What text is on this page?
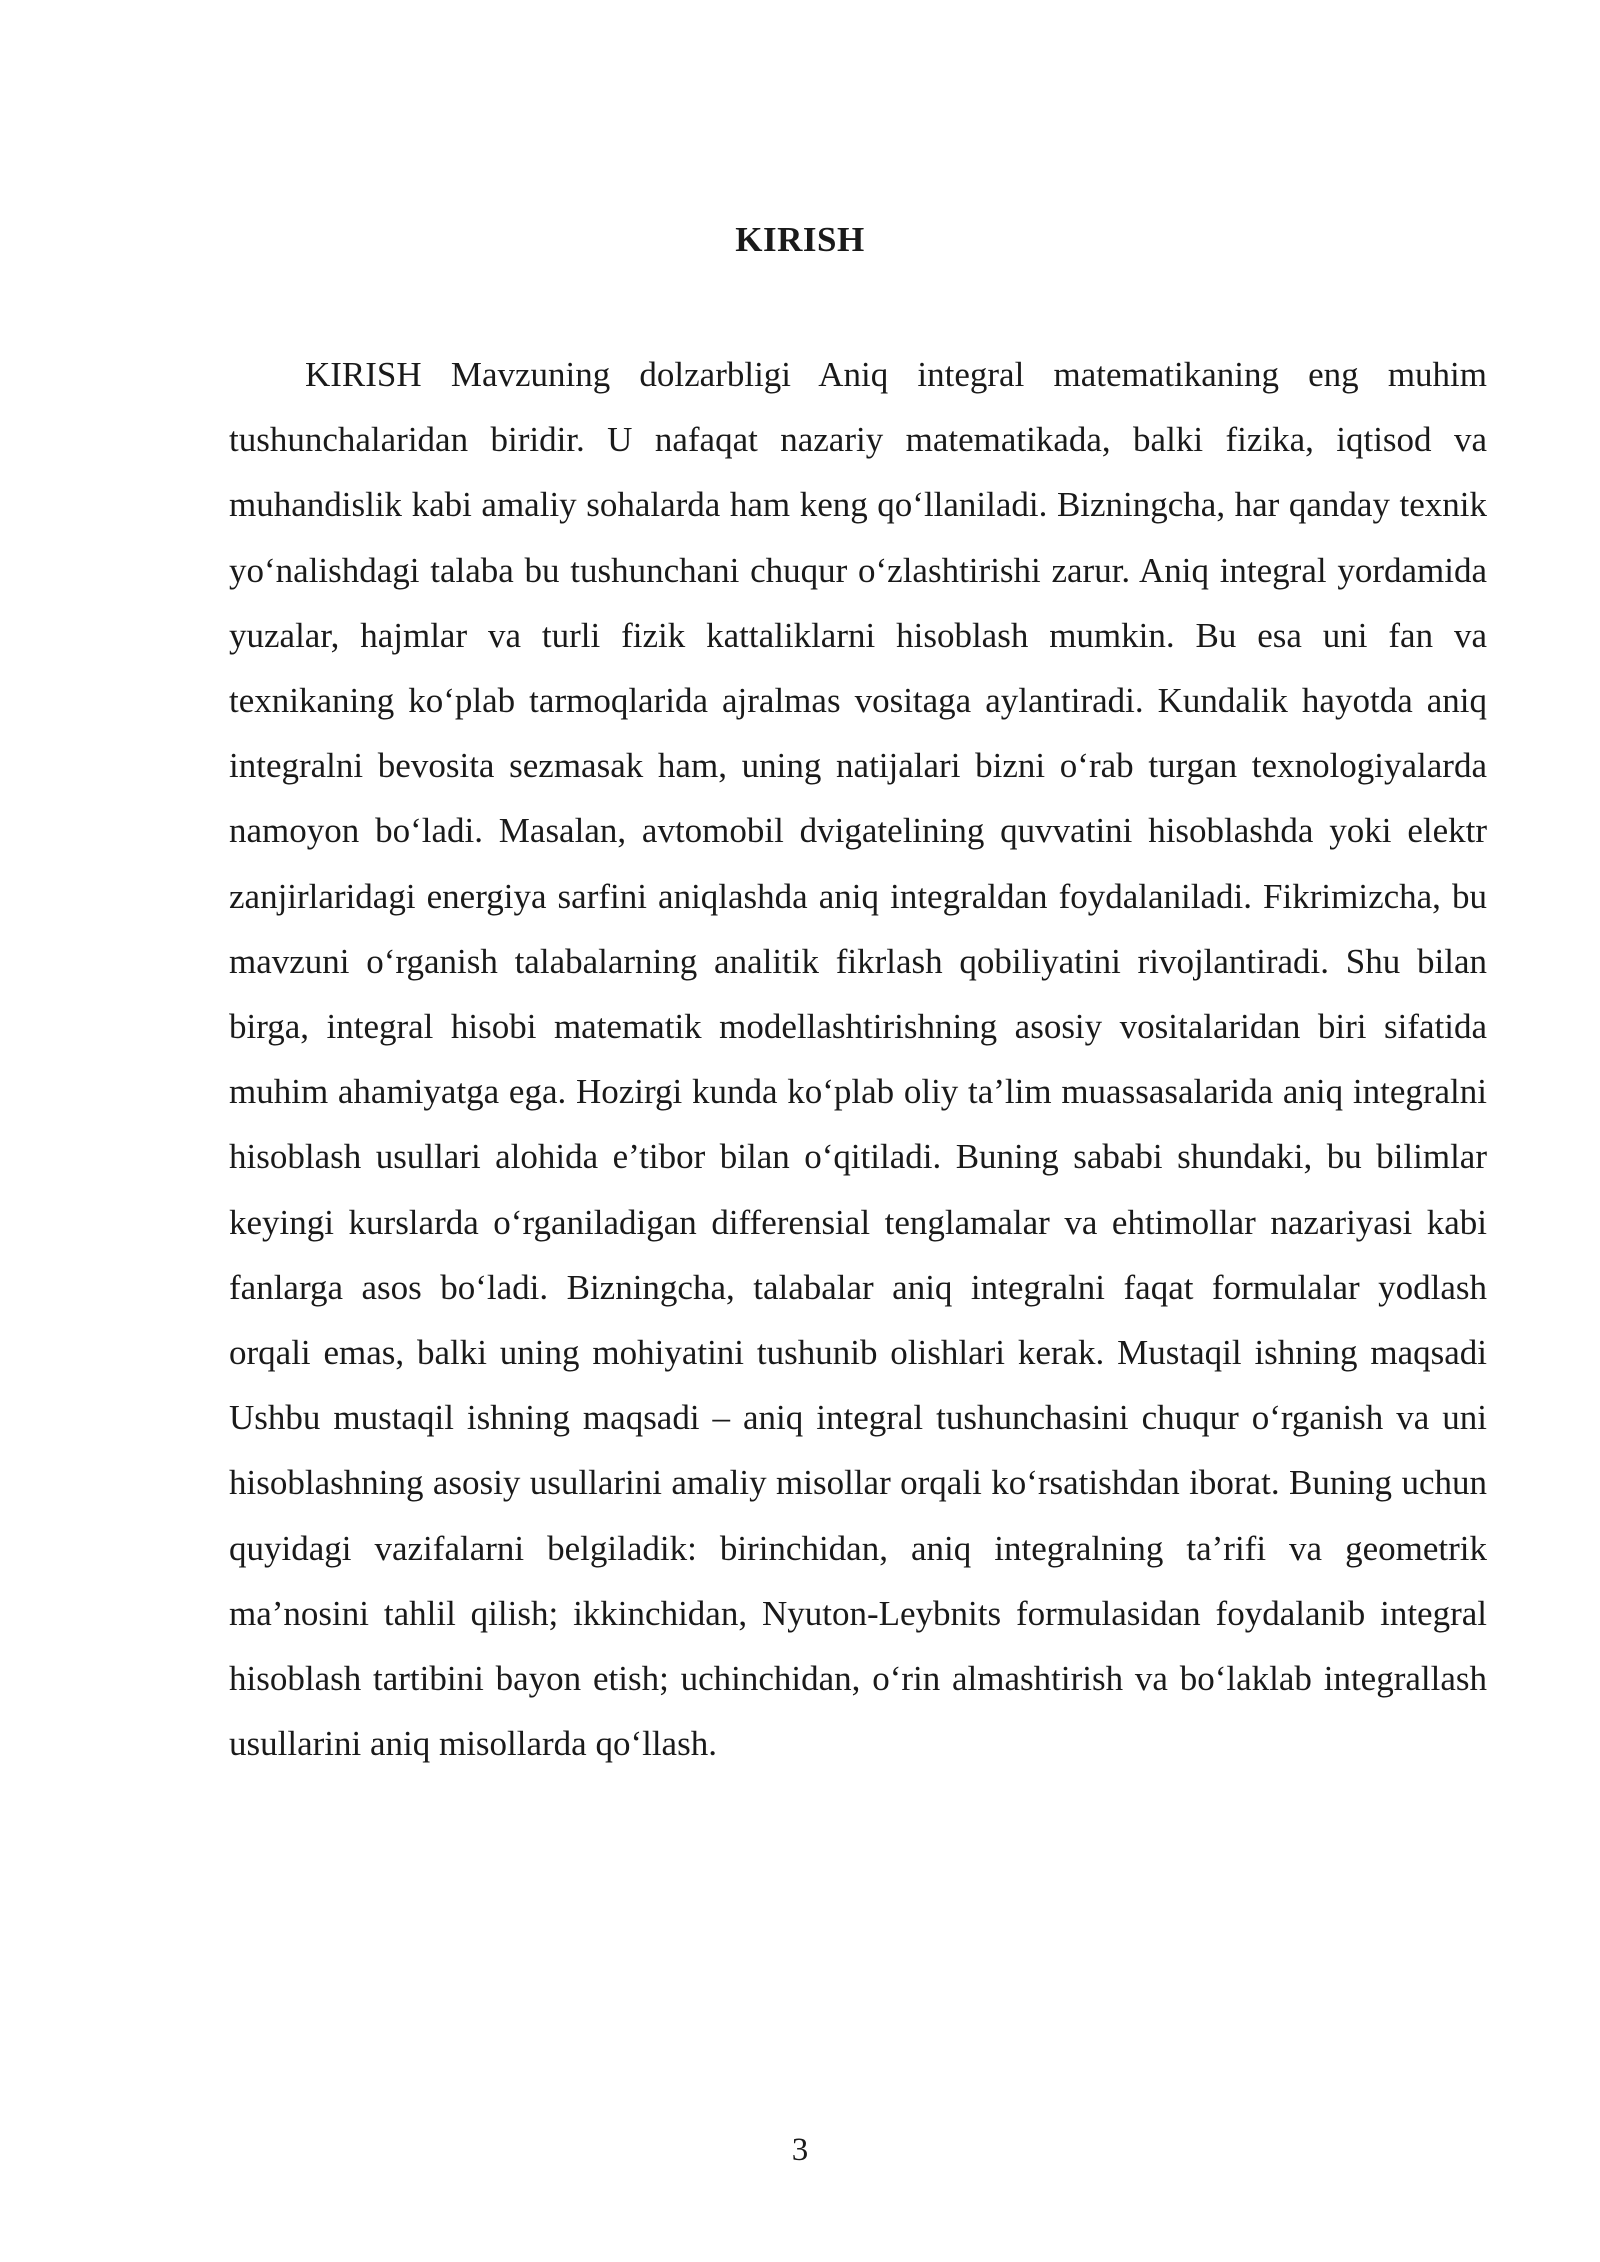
KIRISH

KIRISH Mavzuning dolzarbligi Aniq integral matematikaning eng muhim tushunchalaridan biridir. U nafaqat nazariy matematikada, balki fizika, iqtisod va muhandislik kabi amaliy sohalarda ham keng qo‘llaniladi. Bizningcha, har qanday texnik yo‘nalishdagi talaba bu tushunchani chuqur o‘zlashtirishi zarur. Aniq integral yordamida yuzalar, hajmlar va turli fizik kattaliklarni hisoblash mumkin. Bu esa uni fan va texnikaning ko‘plab tarmoqlarida ajralmas vositaga aylantiradi. Kundalik hayotda aniq integralni bevosita sezmasak ham, uning natijalari bizni o‘rab turgan texnologiyalarda namoyon bo‘ladi. Masalan, avtomobil dvigatelining quvvatini hisoblashda yoki elektr zanjirlaridagi energiya sarfini aniqlashda aniq integraldan foydalaniladi. Fikrimizcha, bu mavzuni o‘rganish talabalarning analitik fikrlash qobiliyatini rivojlantiradi. Shu bilan birga, integral hisobi matematik modellashtirishning asosiy vositalaridan biri sifatida muhim ahamiyatga ega. Hozirgi kunda ko‘plab oliy ta’lim muassasalarida aniq integralni hisoblash usullari alohida e’tibor bilan o‘qitiladi. Buning sababi shundaki, bu bilimlar keyingi kurslarda o‘rganiladigan differensial tenglamalar va ehtimollar nazariyasi kabi fanlarga asos bo‘ladi. Bizningcha, talabalar aniq integralni faqat formulalar yodlash orqali emas, balki uning mohiyatini tushunib olishlari kerak. Mustaqil ishning maqsadi Ushbu mustaqil ishning maqsadi – aniq integral tushunchasini chuqur o‘rganish va uni hisoblashning asosiy usullarini amaliy misollar orqali ko‘rsatishdan iborat. Buning uchun quyidagi vazifalarni belgiladik: birinchidan, aniq integralning ta’rifi va geometrik ma’nosini tahlil qilish; ikkinchidan, Nyuton-Leybnits formulasidan foydalanib integral hisoblash tartibini bayon etish; uchinchidan, o‘rin almashtirish va bo‘laklab integrallash usullarini aniq misollarda qo‘llash.

3
